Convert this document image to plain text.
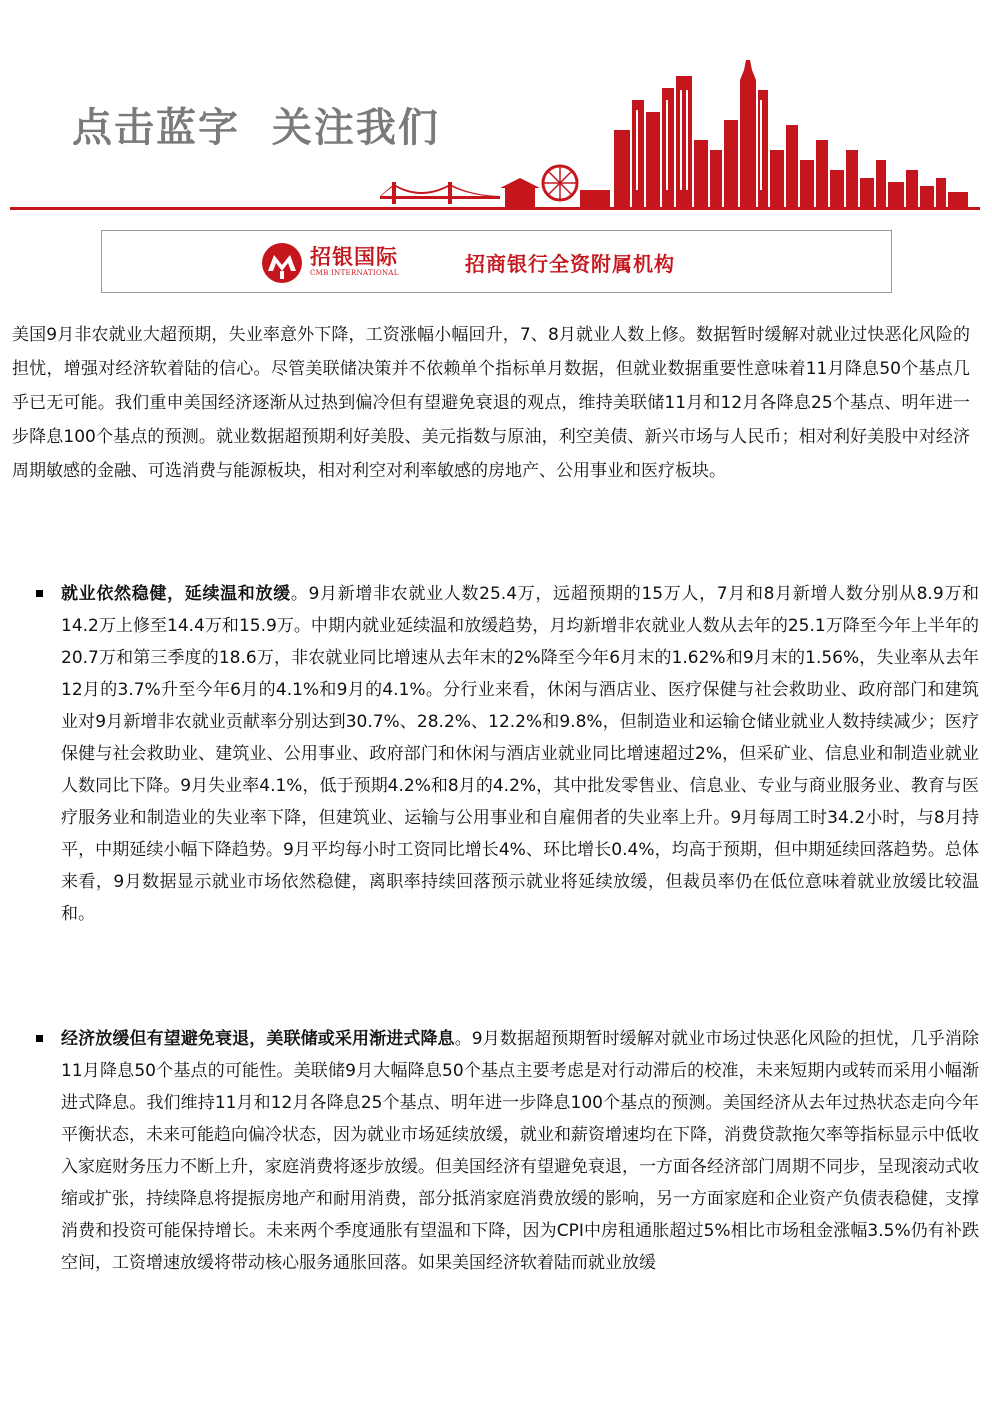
点击蓝字  关注我们
招银国际
CMB INTERNATIONAL	招商银行全资附属机构

美国9月非农就业大超预期，失业率意外下降，工资涨幅小幅回升，7、8月就业人数上修。数据暂时缓解对就业过快恶化风险的担忧，增强对经济软着陆的信心。尽管美联储决策并不依赖单个指标单月数据，但就业数据重要性意味着11月降息50个基点几乎已无可能。我们重申美国经济逐渐从过热到偏冷但有望避免衰退的观点，维持美联储11月和12月各降息25个基点、明年进一步降息100个基点的预测。就业数据超预期利好美股、美元指数与原油，利空美债、新兴市场与人民币；相对利好美股中对经济周期敏感的金融、可选消费与能源板块，相对利空对利率敏感的房地产、公用事业和医疗板块。

就业依然稳健，延续温和放缓。9月新增非农就业人数25.4万，远超预期的15万人，7月和8月新增人数分别从8.9万和14.2万上修至14.4万和15.9万。中期内就业延续温和放缓趋势，月均新增非农就业人数从去年的25.1万降至今年上半年的20.7万和第三季度的18.6万，非农就业同比增速从去年末的2%降至今年6月末的1.62%和9月末的1.56%，失业率从去年12月的3.7%升至今年6月的4.1%和9月的4.1%。分行业来看，休闲与酒店业、医疗保健与社会救助业、政府部门和建筑业对9月新增非农就业贡献率分别达到30.7%、28.2%、12.2%和9.8%，但制造业和运输仓储业就业人数持续减少；医疗保健与社会救助业、建筑业、公用事业、政府部门和休闲与酒店业就业同比增速超过2%，但采矿业、信息业和制造业就业人数同比下降。9月失业率4.1%，低于预期4.2%和8月的4.2%，其中批发零售业、信息业、专业与商业服务业、教育与医疗服务业和制造业的失业率下降，但建筑业、运输与公用事业和自雇佣者的失业率上升。9月每周工时34.2小时，与8月持平，中期延续小幅下降趋势。9月平均每小时工资同比增长4%、环比增长0.4%，均高于预期，但中期延续回落趋势。总体来看，9月数据显示就业市场依然稳健，离职率持续回落预示就业将延续放缓，但裁员率仍在低位意味着就业放缓比较温和。

经济放缓但有望避免衰退，美联储或采用渐进式降息。9月数据超预期暂时缓解对就业市场过快恶化风险的担忧，几乎消除11月降息50个基点的可能性。美联储9月大幅降息50个基点主要考虑是对行动滞后的校准，未来短期内或转而采用小幅渐进式降息。我们维持11月和12月各降息25个基点、明年进一步降息100个基点的预测。美国经济从去年过热状态走向今年平衡状态，未来可能趋向偏冷状态，因为就业市场延续放缓，就业和薪资增速均在下降，消费贷款拖欠率等指标显示中低收入家庭财务压力不断上升，家庭消费将逐步放缓。但美国经济有望避免衰退，一方面各经济部门周期不同步，呈现滚动式收缩或扩张，持续降息将提振房地产和耐用消费，部分抵消家庭消费放缓的影响，另一方面家庭和企业资产负债表稳健，支撑消费和投资可能保持增长。未来两个季度通胀有望温和下降，因为CPI中房租通胀超过5%相比市场租金涨幅3.5%仍有补跌空间，工资增速放缓将带动核心服务通胀回落。如果美国经济软着陆而就业放缓
